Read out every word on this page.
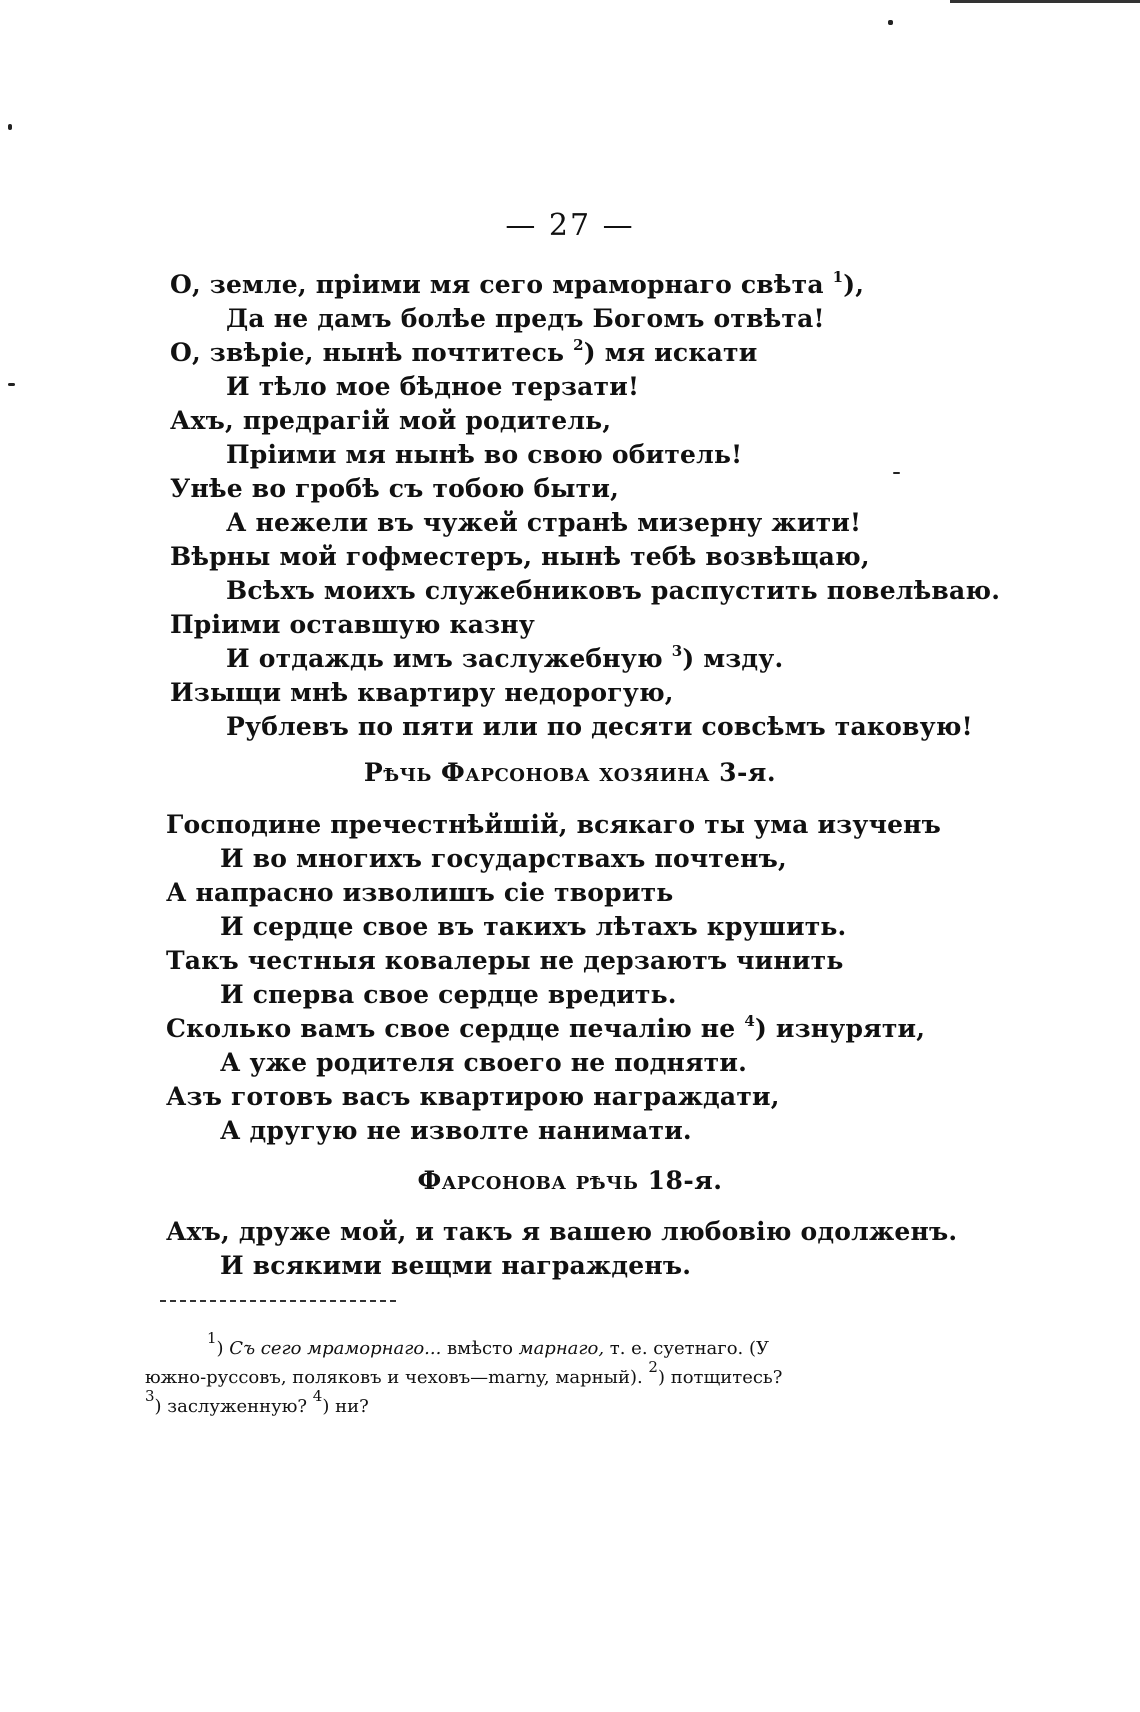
— 27 —
О, земле, пріими мя сего мраморнаго свѣта $^1$),
Да не дамъ болѣе предъ Богомъ отвѣта!
О, звѣріе, нынѣ почтитесь $^2$) мя искати
И тѣло мое бѣдное терзати!
Ахъ, предрагій мой родитель,
Пріими мя нынѣ во свою обитель!
Унѣе во гробѣ съ тобою быти,
А нежели въ чужей странѣ мизерну жити!
Вѣрны мой гофместеръ, нынѣ тебѣ возвѣщаю,
Всѣхъ моихъ служебниковъ распустить повелѣваю.
Пріими оставшую казну
И отдаждь имъ заслужебную $^3$) мзду.
Изыщи мнѣ квартиру недорогую,
Рублевъ по пяти или по десяти совсѣмъ таковую!
Рѣчь Фарсонова хозяина 3-я.
Господине пречестнѣйшій, всякаго ты ума изученъ
И во многихъ государствахъ почтенъ,
А напрасно изволишъ сіе творить
И сердце свое въ такихъ лѣтахъ крушить.
Такъ честныя ковалеры не дерзаютъ чинить
И сперва свое сердце вредить.
Сколько вамъ свое сердце печалію не $^4$) изнуряти,
А уже родителя своего не подняти.
Азъ готовъ васъ квартирою награждати,
А другую не изволте нанимати.
Фарсонова рѣчь 18-я.
Ахъ, друже мой, и такъ я вашею любовію одолженъ.
И всякими вещми награжденъ.
$^1$) Съ сего мраморнаго... вмѣсто марнаго, т. е. суетнаго. (У
южно-руссовъ, поляковъ и чеховъ—marny, марный). $^2$) потщитесь?
$^3$) заслуженную? $^4$) ни?
